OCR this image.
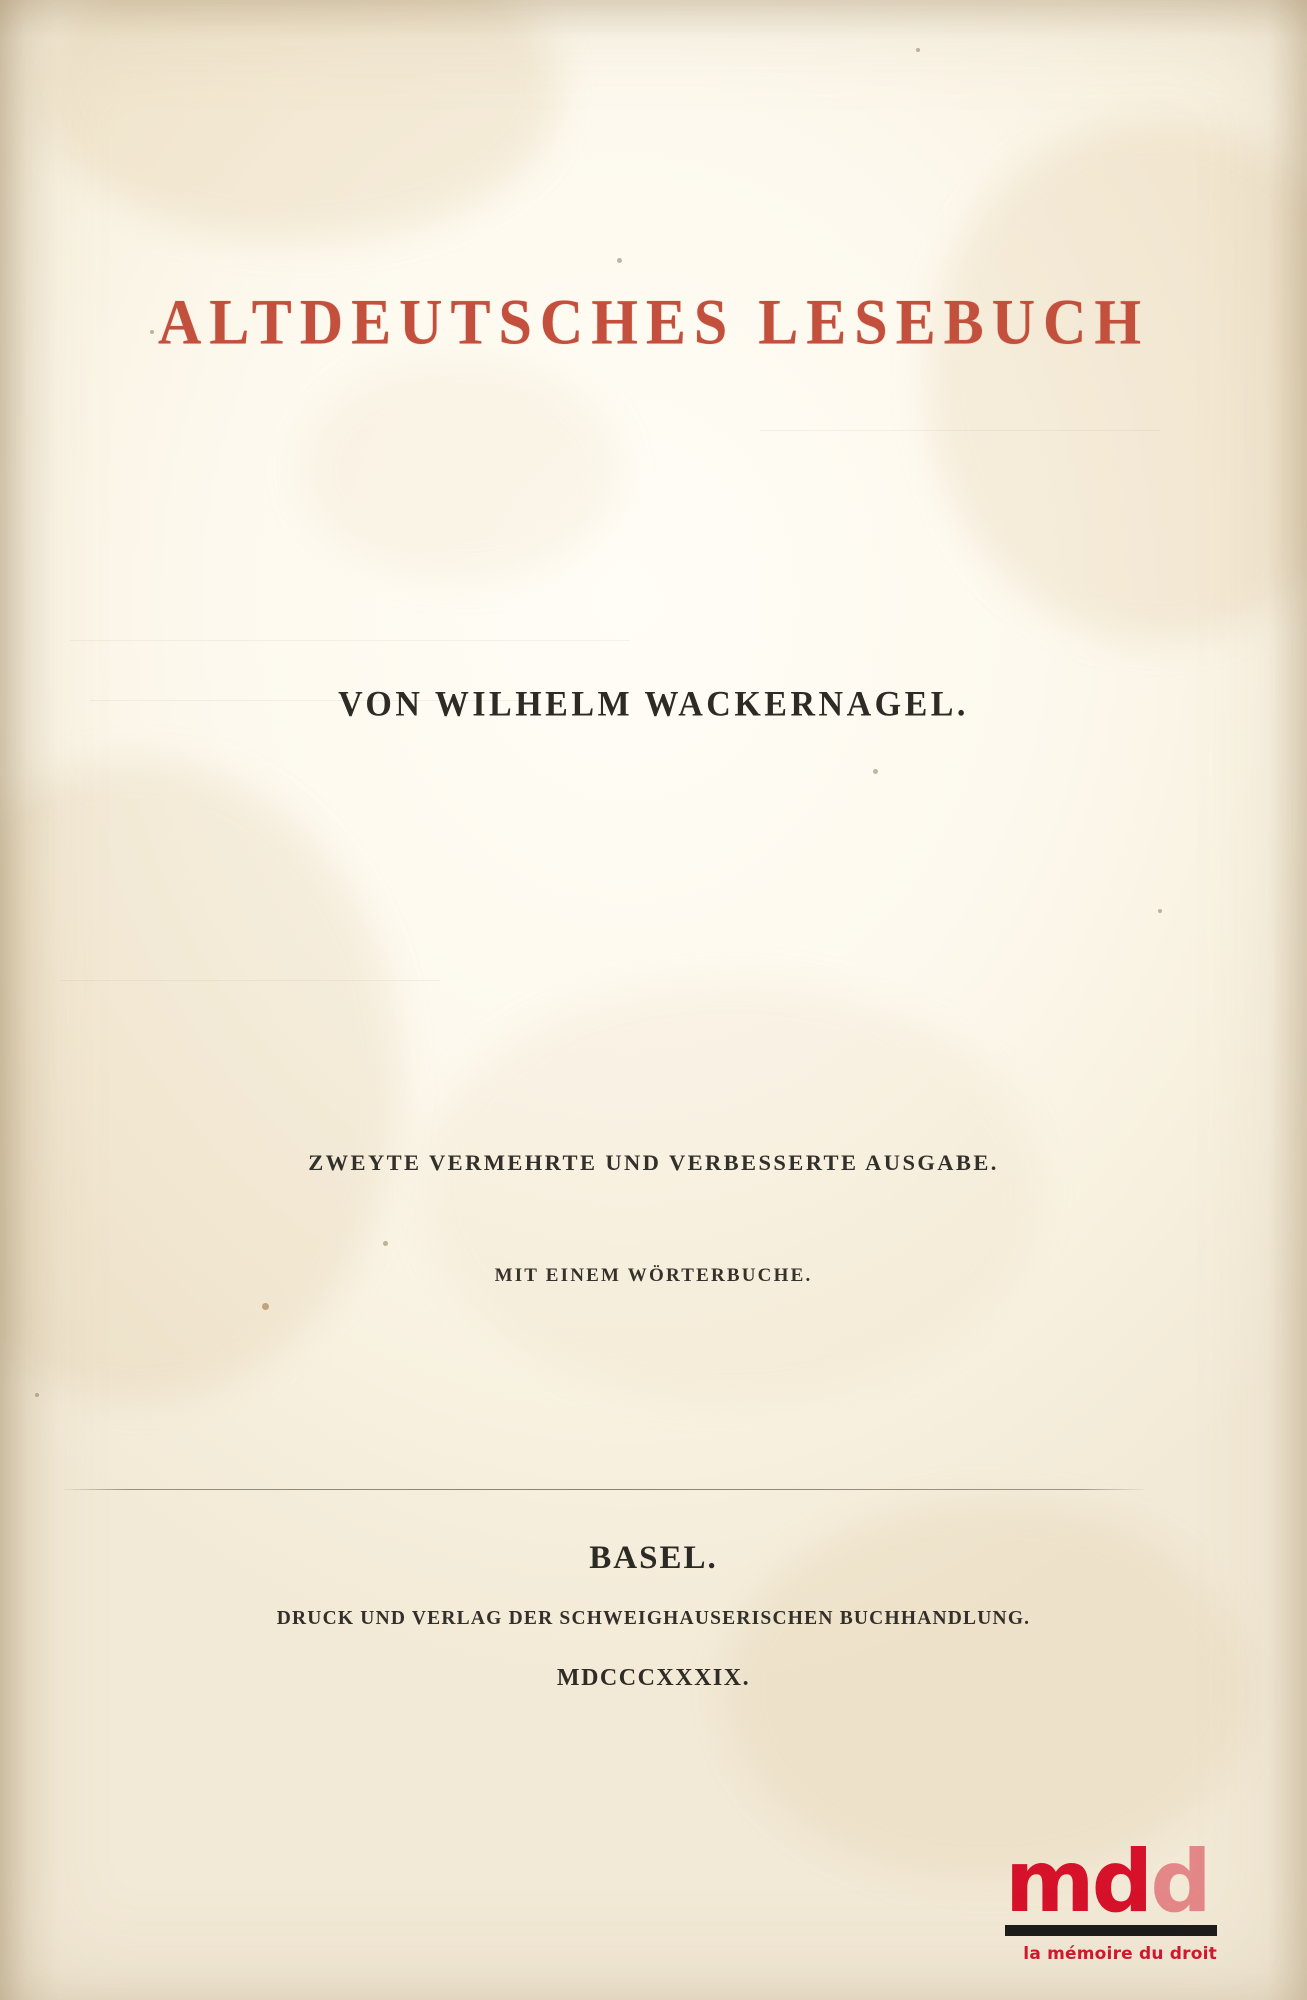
ALTDEUTSCHES LESEBUCH
VON WILHELM WACKERNAGEL.
ZWEYTE VERMEHRTE UND VERBESSERTE AUSGABE.
MIT EINEM WÖRTERBUCHE.
BASEL.
DRUCK UND VERLAG DER SCHWEIGHAUSERISCHEN BUCHHANDLUNG.
MDCCCXXXIX.
mdd
la mémoire du droit
